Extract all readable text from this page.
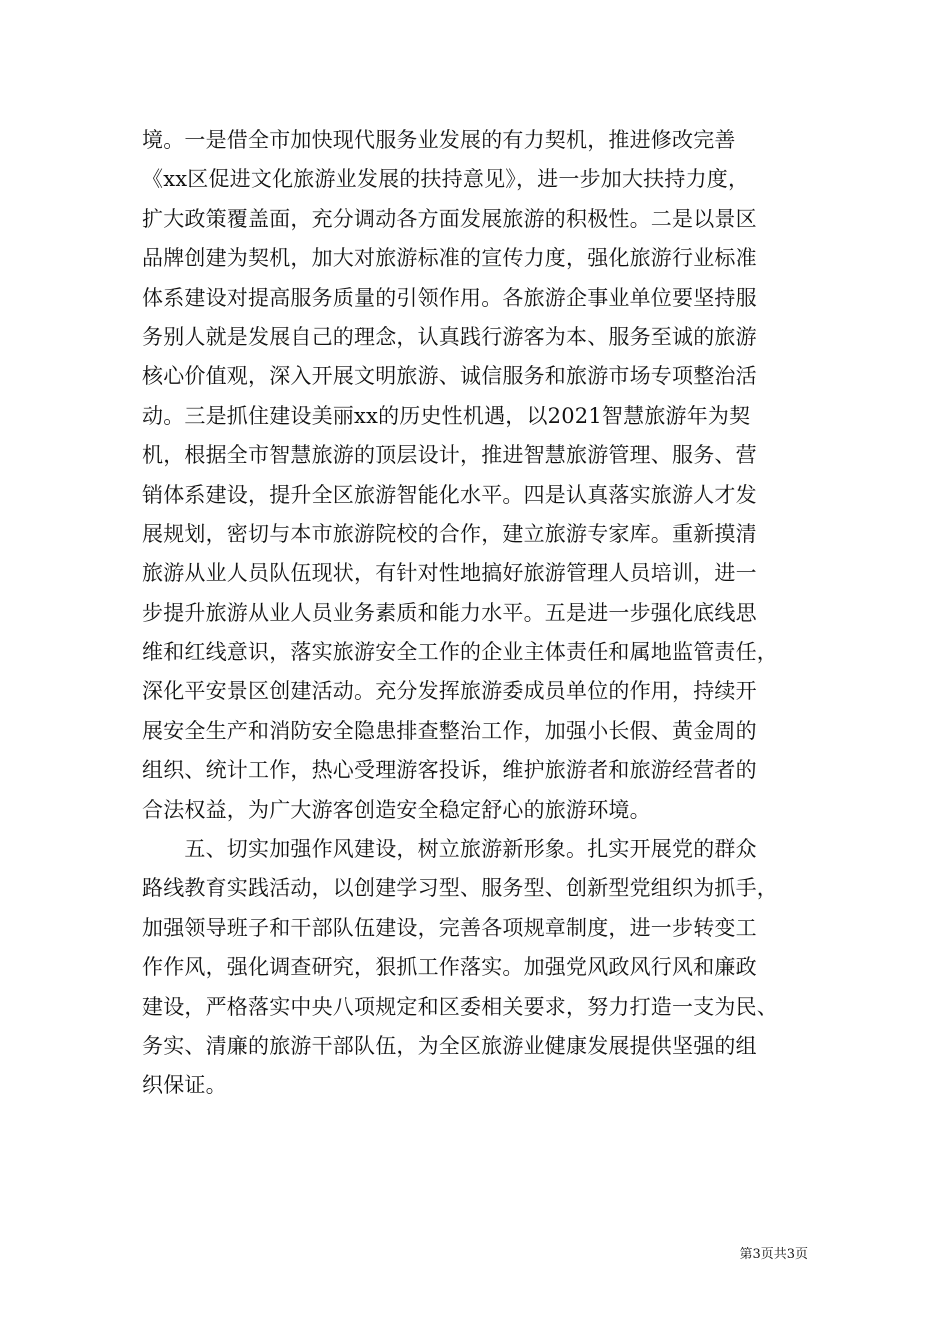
境。一是借全市加快现代服务业发展的有力契机，推进修改完善
《xx区促进文化旅游业发展的扶持意见》，进一步加大扶持力度，
扩大政策覆盖面，充分调动各方面发展旅游的积极性。二是以景区
品牌创建为契机，加大对旅游标准的宣传力度，强化旅游行业标准
体系建设对提高服务质量的引领作用。各旅游企事业单位要坚持服
务别人就是发展自己的理念，认真践行游客为本、服务至诚的旅游
核心价值观，深入开展文明旅游、诚信服务和旅游市场专项整治活
动。三是抓住建设美丽xx的历史性机遇，以2021智慧旅游年为契
机，根据全市智慧旅游的顶层设计，推进智慧旅游管理、服务、营
销体系建设，提升全区旅游智能化水平。四是认真落实旅游人才发
展规划，密切与本市旅游院校的合作，建立旅游专家库。重新摸清
旅游从业人员队伍现状，有针对性地搞好旅游管理人员培训，进一
步提升旅游从业人员业务素质和能力水平。五是进一步强化底线思
维和红线意识，落实旅游安全工作的企业主体责任和属地监管责任，
深化平安景区创建活动。充分发挥旅游委成员单位的作用，持续开
展安全生产和消防安全隐患排查整治工作，加强小长假、黄金周的
组织、统计工作，热心受理游客投诉，维护旅游者和旅游经营者的
合法权益，为广大游客创造安全稳定舒心的旅游环境。
　　五、切实加强作风建设，树立旅游新形象。扎实开展党的群众
路线教育实践活动，以创建学习型、服务型、创新型党组织为抓手，
加强领导班子和干部队伍建设，完善各项规章制度，进一步转变工
作作风，强化调查研究，狠抓工作落实。加强党风政风行风和廉政
建设，严格落实中央八项规定和区委相关要求，努力打造一支为民、
务实、清廉的旅游干部队伍，为全区旅游业健康发展提供坚强的组
织保证。
第3页共3页
